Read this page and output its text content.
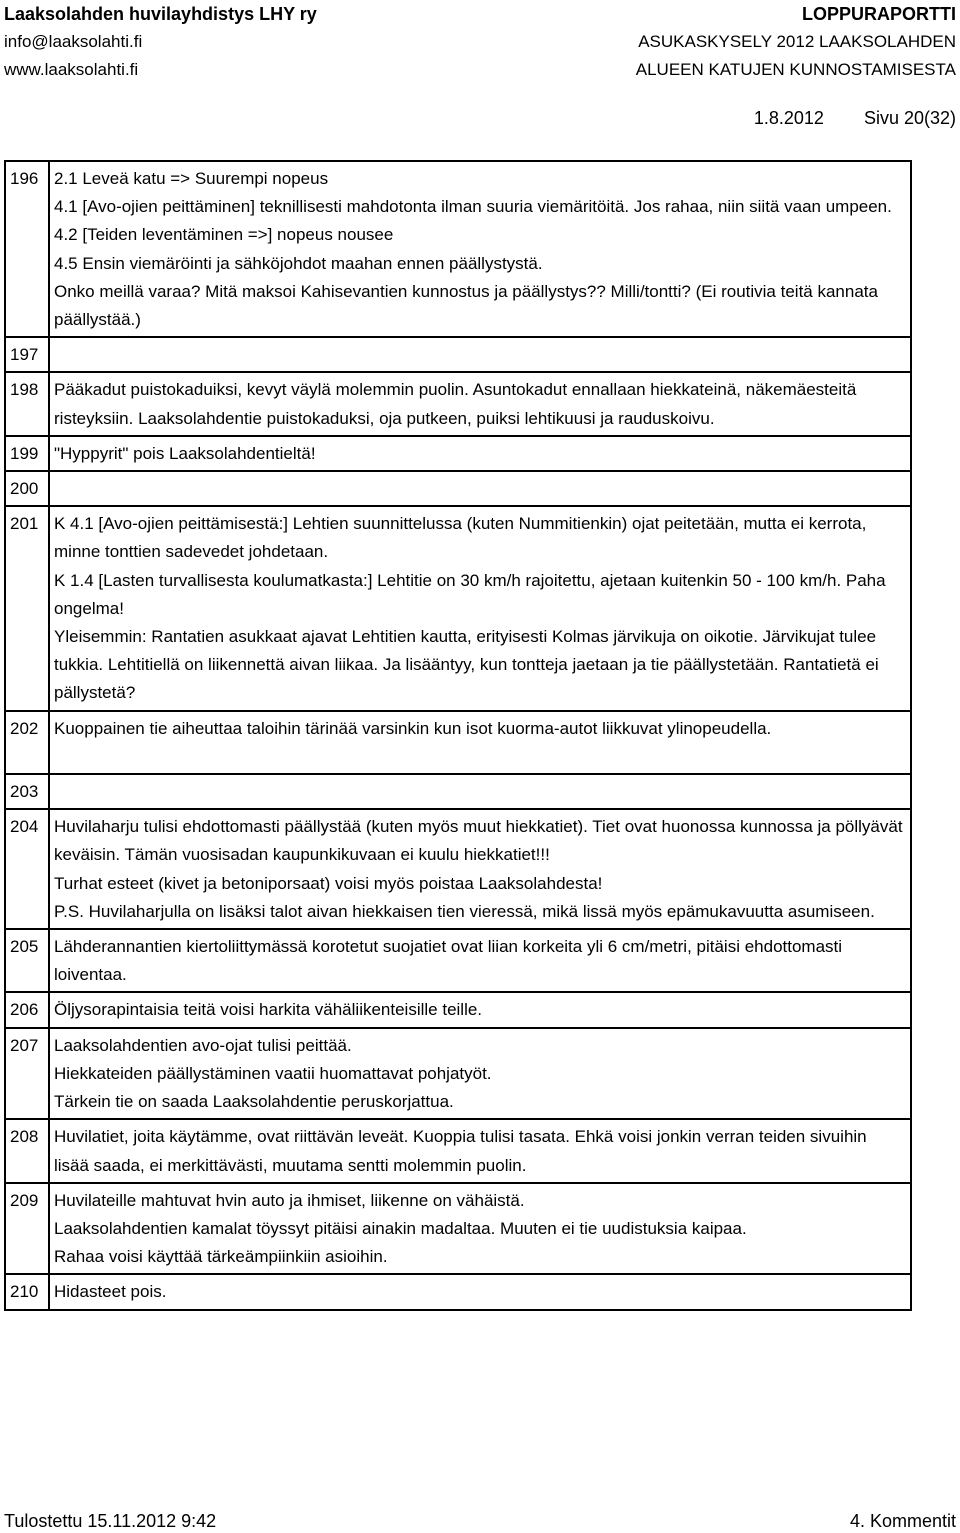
Laaksolahden huvilayhdistys LHY ry
info@laaksolahti.fi
www.laaksolahti.fi
LOPPURAPORTTI
ASUKASKYSELY 2012 LAAKSOLAHDEN
ALUEEN KATUJEN KUNNOSTAMISESTA
1.8.2012 Sivu 20(32)
196	2.1 Leveä katu => Suurempi nopeus
4.1 [Avo-ojien peittäminen] teknillisesti mahdotonta ilman suuria viemäritöitä. Jos rahaa, niin siitä vaan umpeen.
4.2 [Teiden leventäminen =>] nopeus nousee
4.5 Ensin viemäröinti ja sähköjohdot maahan ennen päällystystä.
Onko meillä varaa? Mitä maksoi Kahisevantien kunnostus ja päällystys?? Milli/tontti? (Ei routivia teitä kannata päällystää.)

197	
198	Pääkadut puistokaduiksi, kevyt väylä molemmin puolin. Asuntokadut ennallaan hiekkateinä, näkemäesteitä risteyksiin. Laaksolahdentie puistokaduksi, oja putkeen, puiksi lehtikuusi ja rauduskoivu.

199	"Hyppyrit" pois Laaksolahdentieltä!

200	
201	K 4.1 [Avo-ojien peittämisestä:] Lehtien suunnittelussa (kuten Nummitienkin) ojat peitetään, mutta ei kerrota, minne tonttien sadevedet johdetaan.
K 1.4 [Lasten turvallisesta koulumatkasta:] Lehtitie on 30 km/h rajoitettu, ajetaan kuitenkin 50 - 100 km/h. Paha ongelma!
Yleisemmin: Rantatien asukkaat ajavat Lehtitien kautta, erityisesti Kolmas järvikuja on oikotie. Järvikujat tulee tukkia. Lehtitiellä on liikennettä aivan liikaa. Ja lisääntyy, kun tontteja jaetaan ja tie päällystetään. Rantatietä ei pällystetä?

202	Kuoppainen tie aiheuttaa taloihin tärinää varsinkin kun isot kuorma-autot liikkuvat ylinopeudella.

203	
204	Huvilaharju tulisi ehdottomasti päällystää (kuten myös muut hiekkatiet). Tiet ovat huonossa kunnossa ja pöllyävät keväisin. Tämän vuosisadan kaupunkikuvaan ei kuulu hiekkatiet!!!
Turhat esteet (kivet ja betoniporsaat) voisi myös poistaa Laaksolahdesta!
P.S. Huvilaharjulla on lisäksi talot aivan hiekkaisen tien vieressä, mikä lissä myös epämukavuutta asumiseen.

205	Lähderannantien kiertoliittymässä korotetut suojatiet ovat liian korkeita yli 6 cm/metri, pitäisi ehdottomasti loiventaa.

206	Öljysorapintaisia teitä voisi harkita vähäliikenteisille teille.

207	Laaksolahdentien avo-ojat tulisi peittää.
Hiekkateiden päällystäminen vaatii huomattavat pohjatyöt.
Tärkein tie on saada Laaksolahdentie peruskorjattua.

208	Huvilatiet, joita käytämme, ovat riittävän leveät. Kuoppia tulisi tasata. Ehkä voisi jonkin verran teiden sivuihin lisää saada, ei merkittävästi, muutama sentti molemmin puolin.

209	Huvilateille mahtuvat hvin auto ja ihmiset, liikenne on vähäistä.
Laaksolahdentien kamalat töyssyt pitäisi ainakin madaltaa. Muuten ei tie uudistuksia kaipaa.
Rahaa voisi käyttää tärkeämpiinkiin asioihin.

210	Hidasteet pois.
Tulostettu 15.11.2012 9:42	4. Kommentit
